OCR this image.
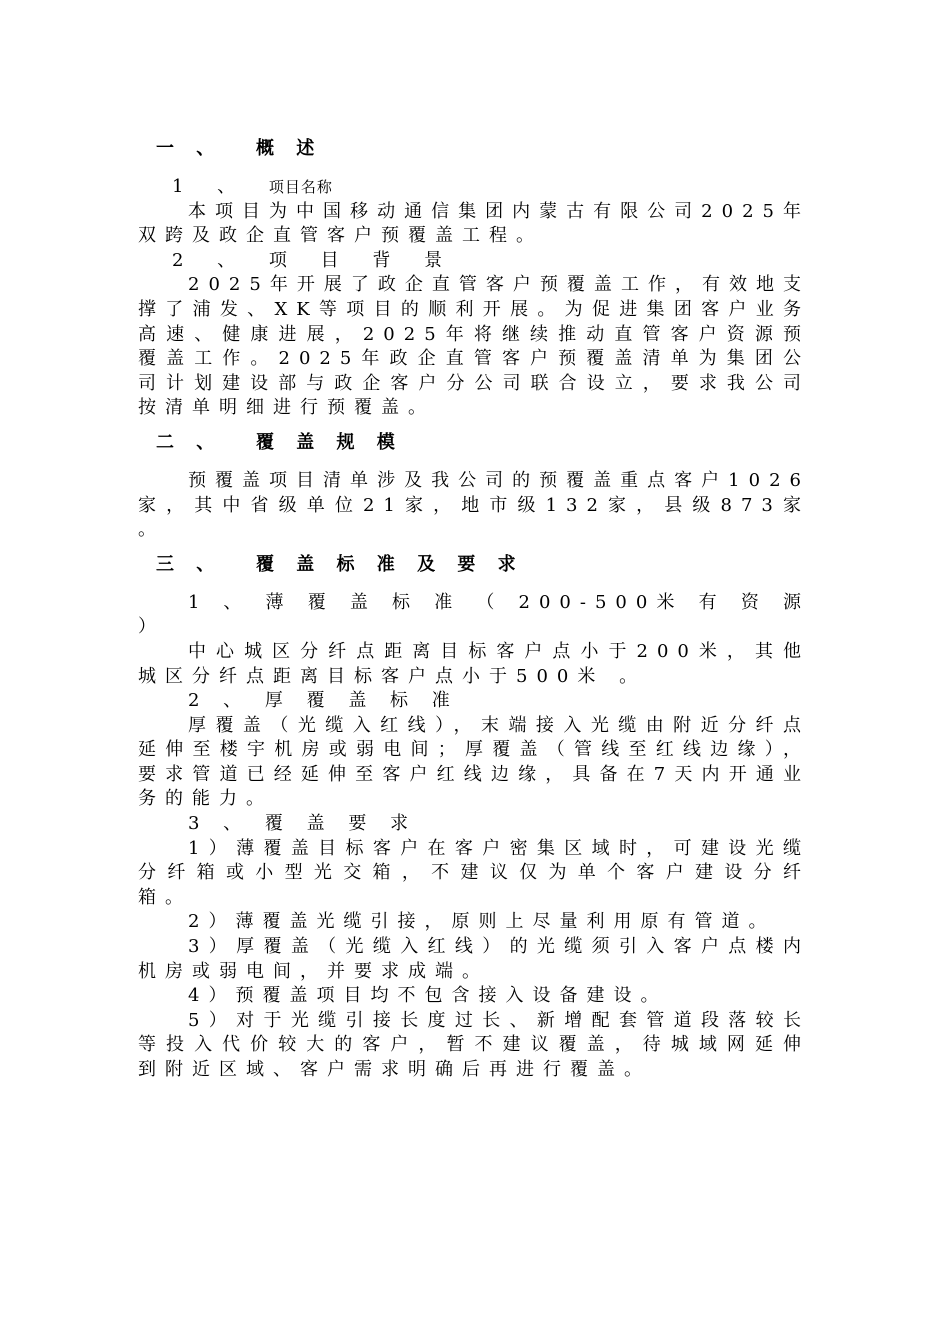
一 、 概 述
1 、 项目名称

本项目为中国移动通信集团内蒙古有限公司2025年双跨及政企直管客户预覆盖工程。

2 、 项 目 背 景

2025年开展了政企直管客户预覆盖工作，有效地支撑了浦发、XK等项目的顺利开展。为促进集团客户业务高速、健康进展，2025年将继续推动直管客户资源预覆盖工作。2025年政企直管客户预覆盖清单为集团公司计划建设部与政企客户分公司联合设立，要求我公司按清单明细进行预覆盖。

二 、 覆 盖 规 模

预覆盖项目清单涉及我公司的预覆盖重点客户1026家，其中省级单位21家，地市级132家，县级873家 。

三 、 覆 盖 标 准 及 要 求

1 、 薄 覆 盖 标 准 （ 200-500米 有 资 源 ）

中心城区分纤点距离目标客户点小于200米，其他城区分纤点距离目标客户点小于500米 。

2 、 厚 覆 盖 标 准

厚覆盖（光缆入红线），末端接入光缆由附近分纤点延伸至楼宇机房或弱电间；厚覆盖（管线至红线边缘），要求管道已经延伸至客户红线边缘，具备在7天内开通业务的能力。

3 、 覆 盖 要 求

1）薄覆盖目标客户在客户密集区域时，可建设光缆分纤箱或小型光交箱，不建议仅为单个客户建设分纤箱。

2）薄覆盖光缆引接，原则上尽量利用原有管道。

3）厚覆盖（光缆入红线）的光缆须引入客户点楼内机房或弱电间，并要求成端。

4）预覆盖项目均不包含接入设备建设。

5）对于光缆引接长度过长、新增配套管道段落较长等投入代价较大的客户，暂不建议覆盖，待城域网延伸到附近区域、客户需求明确后再进行覆盖。
